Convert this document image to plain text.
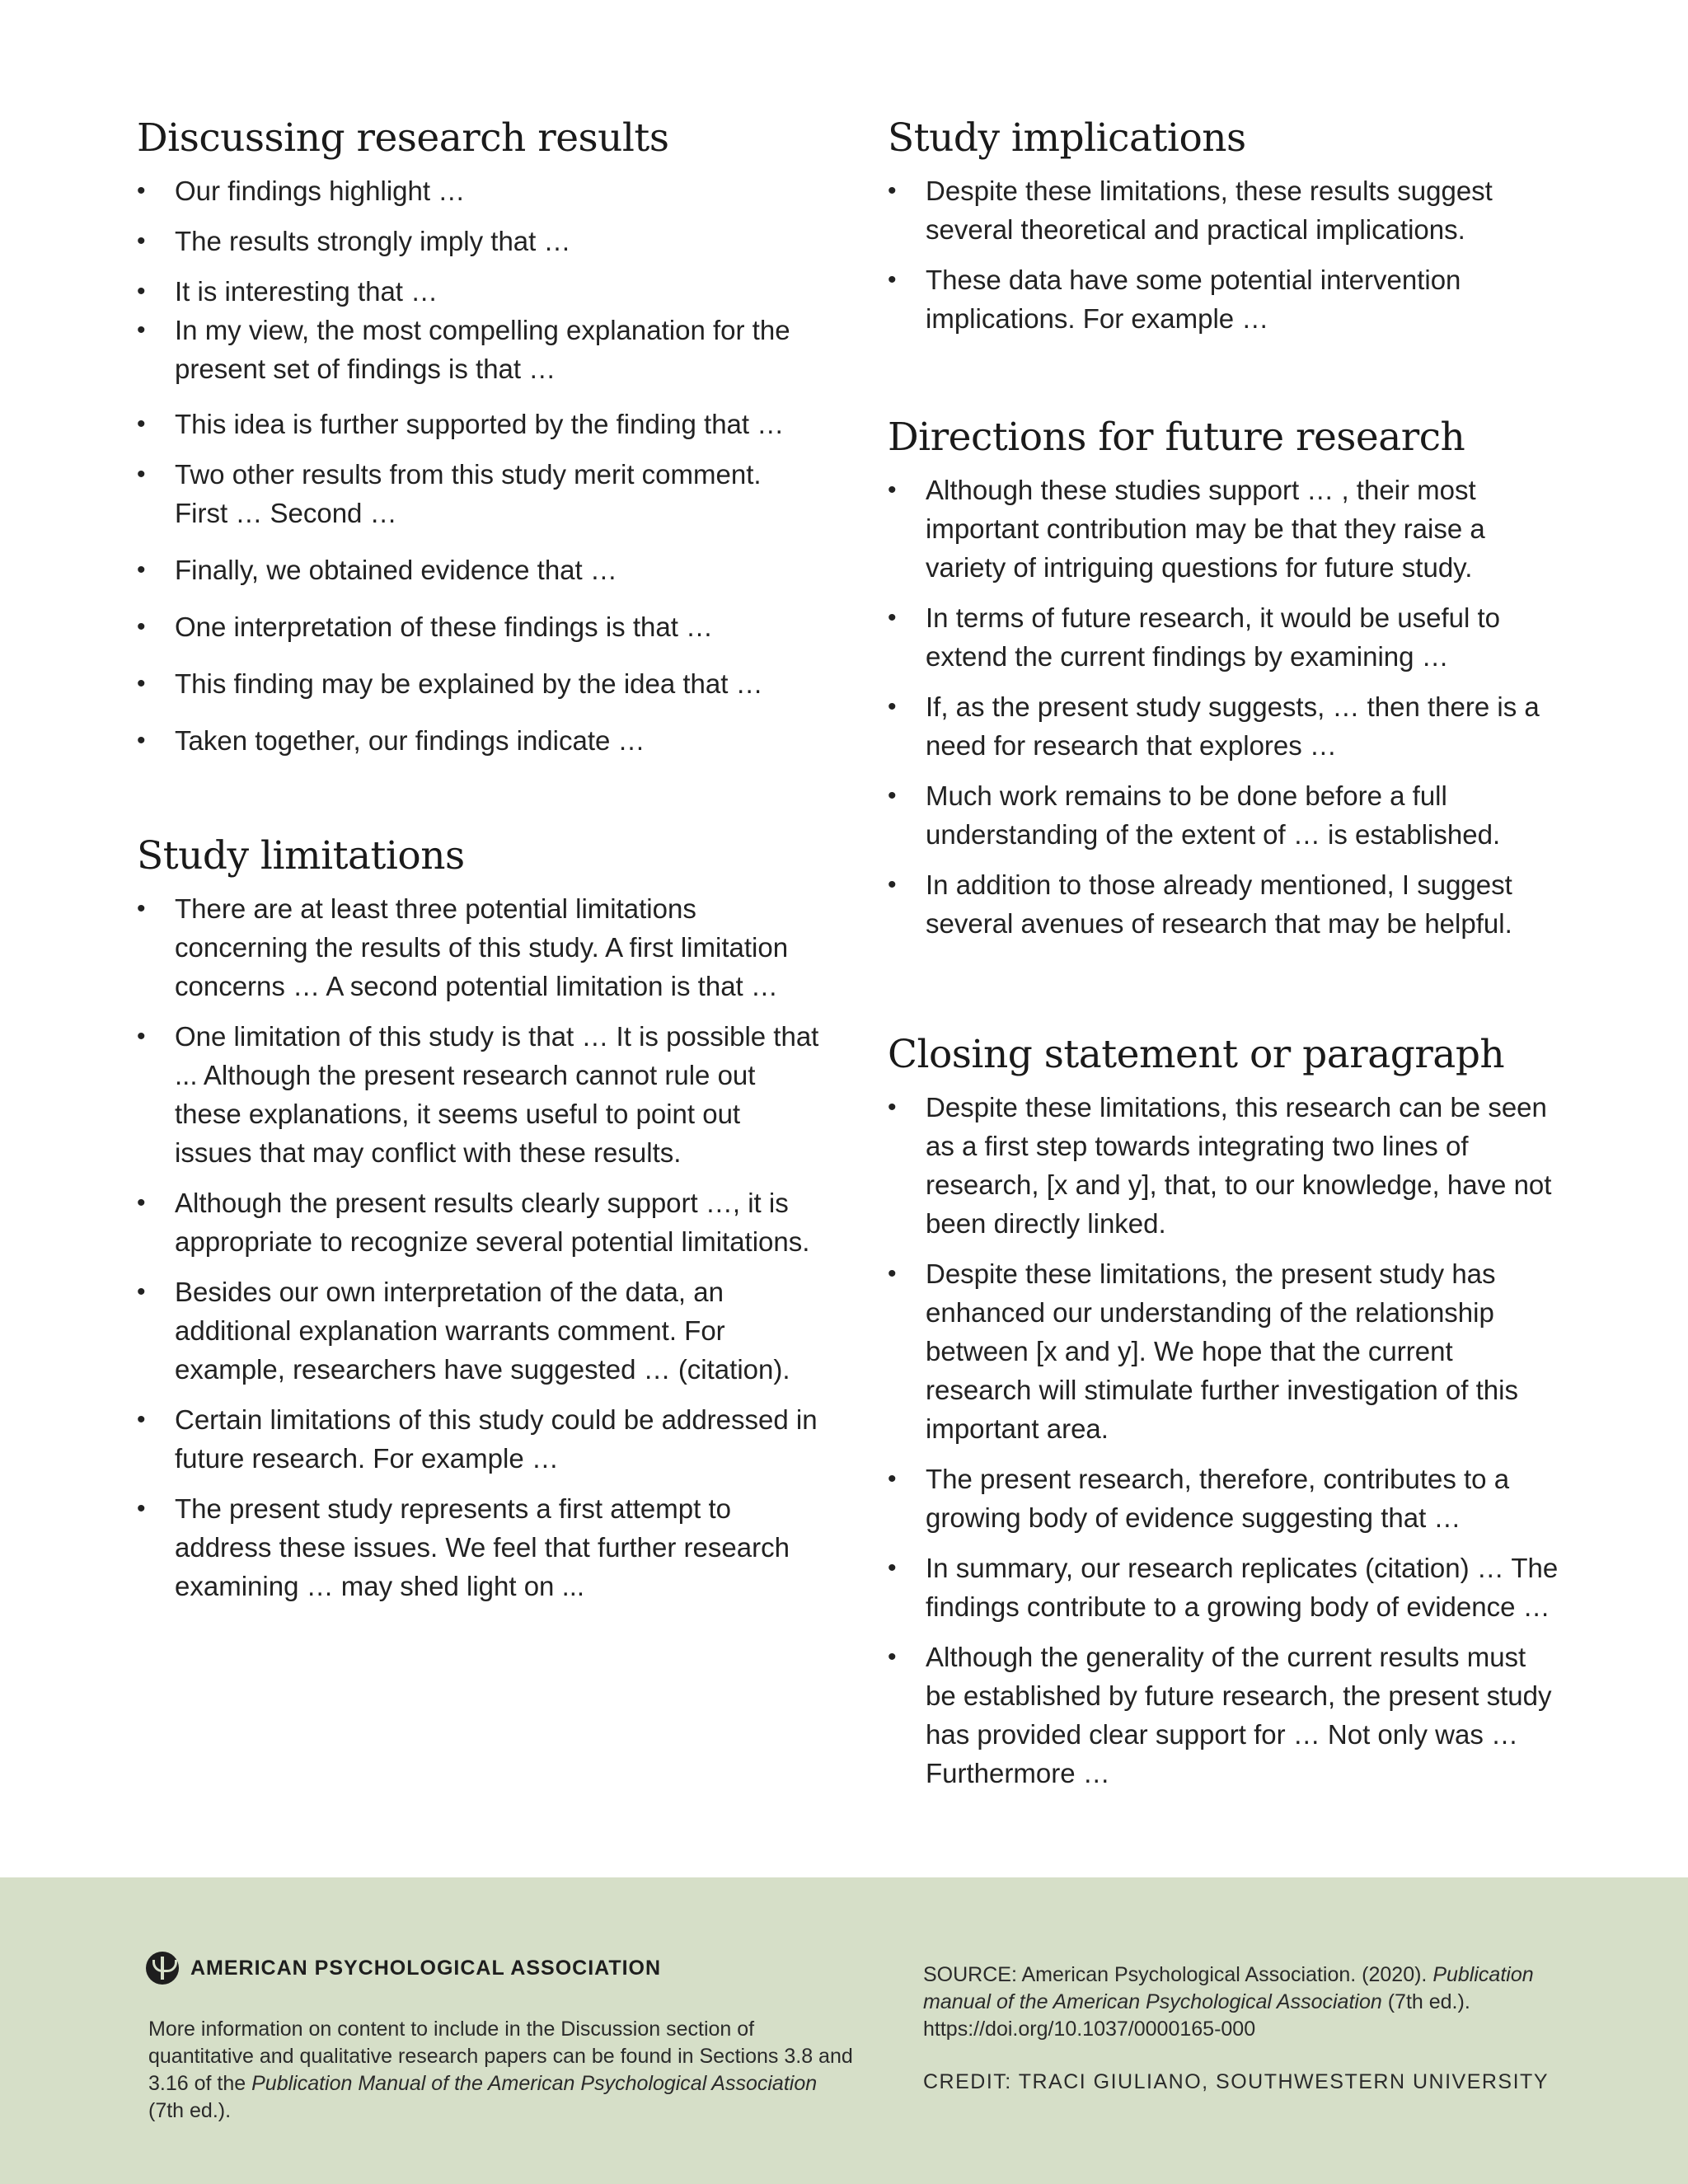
Discussing research results
• Our findings highlight …
• The results strongly imply that …
• It is interesting that …
• In my view, the most compelling explanation for the present set of findings is that …
• This idea is further supported by the finding that …
• Two other results from this study merit comment. First … Second …
• Finally, we obtained evidence that …
• One interpretation of these findings is that …
• This finding may be explained by the idea that …
• Taken together, our findings indicate …
Study limitations
• There are at least three potential limitations concerning the results of this study. A first limitation concerns … A second potential limitation is that …
• One limitation of this study is that … It is possible that ... Although the present research cannot rule out these explanations, it seems useful to point out issues that may conflict with these results.
• Although the present results clearly support …, it is appropriate to recognize several potential limitations.
• Besides our own interpretation of the data, an additional explanation warrants comment. For example, researchers have suggested … (citation).
• Certain limitations of this study could be addressed in future research. For example …
• The present study represents a first attempt to address these issues. We feel that further research examining … may shed light on ...
Study implications
• Despite these limitations, these results suggest several theoretical and practical implications.
• These data have some potential intervention implications. For example …
Directions for future research
• Although these studies support … , their most important contribution may be that they raise a variety of intriguing questions for future study.
• In terms of future research, it would be useful to extend the current findings by examining …
• If, as the present study suggests, … then there is a need for research that explores …
• Much work remains to be done before a full understanding of the extent of … is established.
• In addition to those already mentioned, I suggest several avenues of research that may be helpful.
Closing statement or paragraph
• Despite these limitations, this research can be seen as a first step towards integrating two lines of research, [x and y], that, to our knowledge, have not been directly linked.
• Despite these limitations, the present study has enhanced our understanding of the relationship between [x and y]. We hope that the current research will stimulate further investigation of this important area.
• The present research, therefore, contributes to a growing body of evidence suggesting that …
• In summary, our research replicates (citation) … The findings contribute to a growing body of evidence …
• Although the generality of the current results must be established by future research, the present study has provided clear support for … Not only was … Furthermore …
AMERICAN PSYCHOLOGICAL ASSOCIATION
More information on content to include in the Discussion section of quantitative and qualitative research papers can be found in Sections 3.8 and 3.16 of the Publication Manual of the American Psychological Association (7th ed.).
SOURCE: American Psychological Association. (2020). Publication manual of the American Psychological Association (7th ed.). https://doi.org/10.1037/0000165-000
CREDIT: TRACI GIULIANO, SOUTHWESTERN UNIVERSITY
